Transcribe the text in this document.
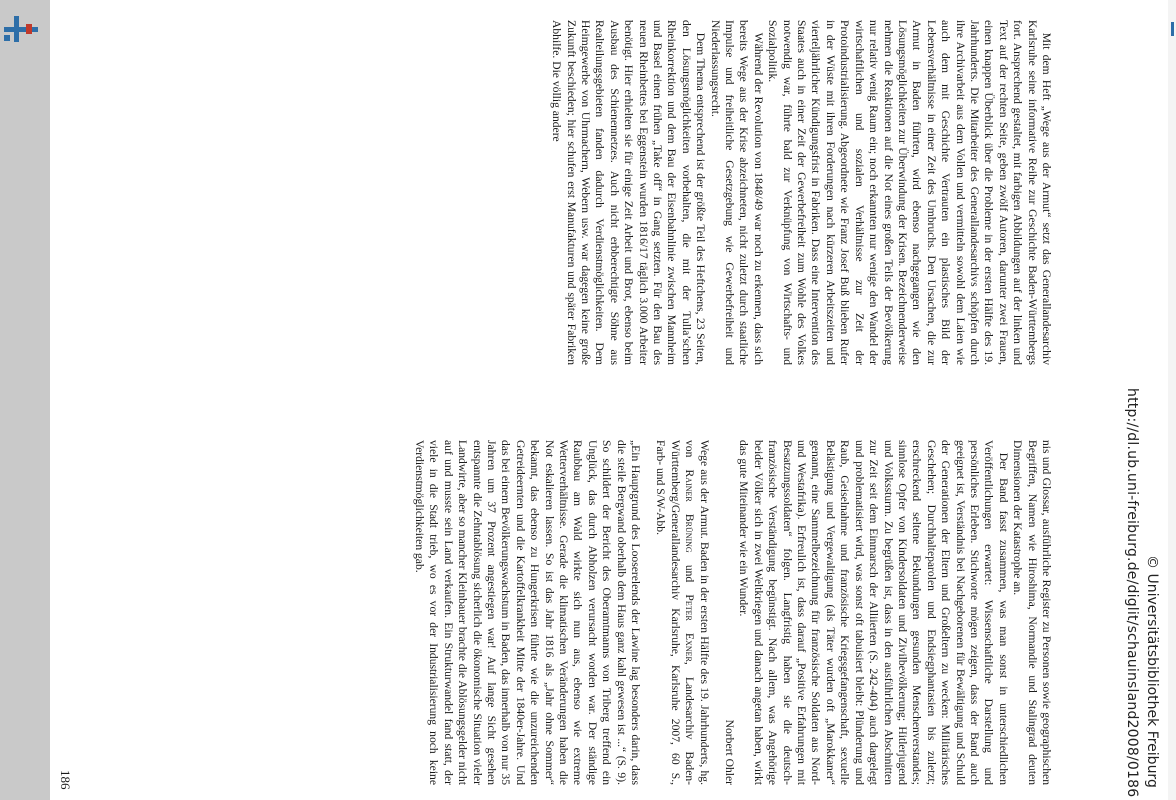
nis und Glossar, ausführliche Register zu Personen sowie geographischen Begriffen, Namen wie Hiroshima, Normandie und Stalingrad deuten Dimensionen der Katastrophe an.

Der Band fasst zusammen, was man sonst in unterschiedlichen Veröffentlichungen erwartet: Wissenschaftliche Darstellung und persönliches Erleben. Stichworte mögen zeigen, dass der Band auch geeignet ist, Verständnis bei Nachgeborenen für Bewältigung und Schuld der Generationen der Eltern und Großeltern zu wecken: Militärisches Geschehen; Durchhalteparolen und Endsiegphantasien bis zuletzt; erschreckend seltene Bekundungen gesunden Menschenverstandes; sinnlose Opfer von Kindersoldaten und Zivilbevölkerung; Hitlerjugend und Volkssturm. Zu begrüßen ist, dass in den ausführlichen Abschnitten zur Zeit seit dem Einmarsch der Alliierten (S. 242-404) auch dargelegt und problematisiert wird, was sonst oft tabuisiert bleibt: Plünderung und Raub, Geiselnahme und französische Kriegsgefangenschaft, sexuelle Belästigung und Vergewaltigung (als Täter wurden oft „Marokkaner“ genannt, eine Sammelbezeichnung für französische Soldaten aus Nord- und Westafrika). Erfreulich ist, dass darauf „Positive Erfahrungen mit Besatzungssoldaten“ folgen. Langfristig haben sie die deutsch-französische Verständigung begünstigt. Nach allem, was Angehörige beider Völker sich in zwei Weltkriegen und danach angetan haben, wirkt das gute Miteinander wie ein Wunder.

Norbert Ohler

Wege aus der Armut. Baden in der ersten Hälfte des 19. Jahrhunderts, hg. von Rainer Brüning und Peter Exner, Landesarchiv Baden-Württemberg/Generallandesarchiv Karlsruhe, Karlsruhe 2007, 60 S., Farb- und S/W-Abb.

„Ein Hauptgrund des Looserelends der Lawine lag besonders darin, dass die steile Bergwand oberhalb dem Haus ganz kahl gewesen ist ...“ (S. 9). So schildert der Bericht des Oberamtmanns von Triberg treffend ein Unglück, das durch Abholzen verursacht worden war. Der ständige Raubbau am Wald wirkte sich nun aus, ebenso wie extreme Wetterverhältnisse. Gerade die klimatischen Veränderungen haben die Not eskalieren lassen. So ist das Jahr 1816 als „Jahr ohne Sommer“ bekannt, das ebenso zu Hungerkrisen führte wie die unzureichenden Getreideernten und die Kartoffelkrankheit Mitte der 1840er-Jahre. Und das bei einem Bevölkerungswachstum in Baden, das innerhalb von nur 35 Jahren um 37 Prozent angestiegen war! Auf lange Sicht gesehen entspannte die Zehntablösung sicherlich die ökonomische Situation vieler Landwirte, aber so mancher Kleinbauer brachte die Ablösungsgelder nicht auf und musste sein Land verkaufen. Ein Strukturwandel fand statt, der viele in die Stadt trieb, wo es vor der Industrialisierung noch keine Verdienstmöglichkeiten gab.

Mit dem Heft „Wege aus der Armut“ setzt das Generallandesarchiv Karlsruhe seine informative Reihe zur Geschichte Baden-Württembergs fort. Ansprechend gestaltet, mit farbigen Abbildungen auf der linken und Text auf der rechten Seite, geben zwölf Autoren, darunter zwei Frauen, einen knappen Überblick über die Probleme in der ersten Hälfte des 19. Jahrhunderts. Die Mitarbeiter des Generallandesarchivs schöpfen durch ihre Archivarbeit aus dem Vollen und vermitteln sowohl dem Laien wie auch dem mit Geschichte Vertrauten ein plastisches Bild der Lebensverhältnisse in einer Zeit des Umbruchs. Den Ursachen, die zur Armut in Baden führten, wird ebenso nachgegangen wie den Lösungsmöglichkeiten zur Überwindung der Krisen. Bezeichnenderweise nehmen die Reaktionen auf die Not eines großen Teils der Bevölkerung nur relativ wenig Raum ein; noch erkannten nur wenige den Wandel der wirtschaftlichen und sozialen Verhältnisse zur Zeit der Protoindustrialisierung. Abgeordnete wie Franz Josef Buß blieben Rufer in der Wüste mit ihren Forderungen nach kürzeren Arbeitszeiten und vierteljährlicher Kündigungsfrist in Fabriken. Dass eine Intervention des Staates auch in einer Zeit der Gewerbefreiheit zum Wohle des Volkes notwendig war, führte bald zur Verknüpfung von Wirtschafts- und Sozialpolitik.

Während der Revolution von 1848/49 war noch zu erkennen, dass sich bereits Wege aus der Krise abzeichneten, nicht zuletzt durch staatliche Impulse und freiheitliche Gesetzgebung wie Gewerbefreiheit und Niederlassungsrecht.

Dem Thema entsprechend ist der größte Teil des Heftchens, 23 Seiten, den Lösungsmöglichkeiten vorbehalten, die mit der Tulla’schen Rheinkorrektion und dem Bau der Eisenbahnlinie zwischen Mannheim und Basel einen frühen „Take off“ in Gang setzten. Für den Bau des neuen Rheinbettes bei Eggenstein wurden 1816/17 täglich 3.000 Arbeiter benötigt. Hier erhielten sie für einige Zeit Arbeit und Brot, ebenso beim Ausbau des Schienennetzes. Auch nicht erbberechtigte Söhne aus Realteilungsgebieten fanden dadurch Verdienstmöglichkeiten. Dem Heimgewerbe von Uhrmachern, Webern usw. war dagegen keine große Zukunft beschieden; hier schufen erst Manufakturen und später Fabriken Abhilfe. Die völlig andere

186	http://dl.ub.uni-freiburg.de/diglit/schauinsland2008/0186 © Universitätsbibliothek Freiburg
